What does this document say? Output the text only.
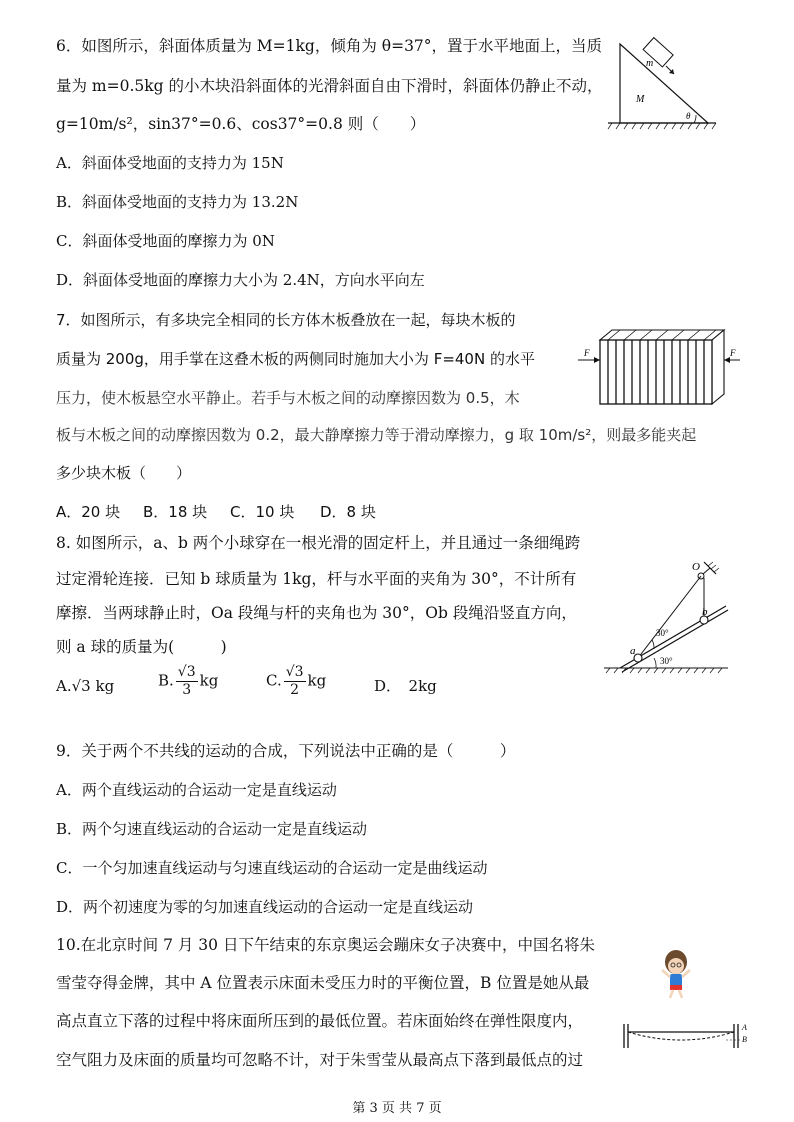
6．如图所示，斜面体质量为 M=1kg，倾角为 θ=37°，置于水平地面上，当质
量为 m=0.5kg 的小木块沿斜面体的光滑斜面自由下滑时，斜面体仍静止不动，
g=10m/s²，sin37°=0.6、cos37°=0.8 则（　　）
A．斜面体受地面的支持力为 15N
B．斜面体受地面的支持力为 13.2N
C．斜面体受地面的摩擦力为 0N
D．斜面体受地面的摩擦力大小为 2.4N，方向水平向左
m
M
θ
7．如图所示，有多块完全相同的长方体木板叠放在一起，每块木板的
质量为 200g，用手掌在这叠木板的两侧同时施加大小为 F=40N 的水平
压力，使木板悬空水平静止。若手与木板之间的动摩擦因数为 0.5，木
板与木板之间的动摩擦因数为 0.2，最大静摩擦力等于滑动摩擦力，g 取 10m/s²，则最多能夹起
多少块木板（　　）
A．20 块 B．18 块 C．10 块 D．8 块
F	F
8. 如图所示，a、b 两个小球穿在一根光滑的固定杆上，并且通过一条细绳跨
过定滑轮连接．已知 b 球质量为 1kg，杆与水平面的夹角为 30°，不计所有
摩擦．当两球静止时，Oa 段绳与杆的夹角也为 30°，Ob 段绳沿竖直方向，
则 a 球的质量为(　　　)
A.√3 kg	B. $\frac{√3}{3}$ kg	C. $\frac{√3}{2}$ kg	D．　2kg
O
b
a
30°
30°
9．关于两个不共线的运动的合成，下列说法中正确的是（　　　）
A．两个直线运动的合运动一定是直线运动
B．两个匀速直线运动的合运动一定是直线运动
C．一个匀加速直线运动与匀速直线运动的合运动一定是曲线运动
D．两个初速度为零的匀加速直线运动的合运动一定是直线运动
10.在北京时间 7 月 30 日下午结束的东京奥运会蹦床女子决赛中，中国名将朱
雪莹夺得金牌，其中 A 位置表示床面未受压力时的平衡位置，B 位置是她从最
高点直立下落的过程中将床面所压到的最低位置。若床面始终在弹性限度内，
空气阻力及床面的质量均可忽略不计，对于朱雪莹从最高点下落到最低点的过
A
B
第 3 页 共 7 页
